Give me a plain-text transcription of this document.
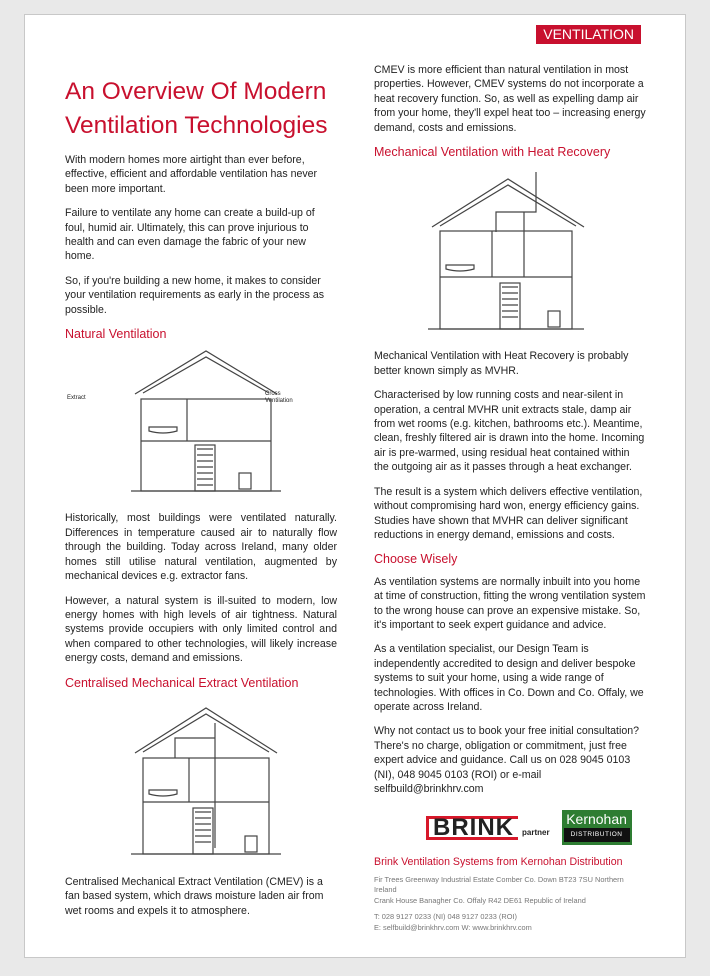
VENTILATION
An Overview Of Modern Ventilation Technologies

With modern homes more airtight than ever before, effective, efficient and affordable ventilation has never been more important.

Failure to ventilate any home can create a build-up of foul, humid air. Ultimately, this can prove injurious to health and can even damage the fabric of your new home.

So, if you're building a new home, it makes to consider your ventilation requirements as early in the process as possible.

Natural Ventilation
Extract
Cross Ventilation

Historically, most buildings were ventilated naturally. Differences in temperature caused air to naturally flow through the building. Today across Ireland, many older homes still utilise natural ventilation, augmented by mechanical devices e.g. extractor fans.

However, a natural system is ill-suited to modern, low energy homes with high levels of air tightness. Natural systems provide occupiers with only limited control and when compared to other technologies, will likely increase energy costs, demand and emissions.

Centralised Mechanical Extract Ventilation

Centralised Mechanical Extract Ventilation (CMEV) is a fan based system, which draws moisture laden air from wet rooms and expels it to atmosphere.

CMEV is more efficient than natural ventilation in most properties. However, CMEV systems do not incorporate a heat recovery function. So, as well as expelling damp air from your home, they'll expel heat too – increasing energy demand, costs and emissions.

Mechanical Ventilation with Heat Recovery

Mechanical Ventilation with Heat Recovery is probably better known simply as MVHR.

Characterised by low running costs and near-silent in operation, a central MVHR unit extracts stale, damp air from wet rooms (e.g. kitchen, bathrooms etc.). Meantime, clean, freshly filtered air is drawn into the home. Incoming air is pre-warmed, using residual heat contained within the outgoing air as it passes through a heat exchanger.

The result is a system which delivers effective ventilation, without compromising hard won, energy efficiency gains. Studies have shown that MVHR can deliver significant reductions in energy demand, emissions and costs.

Choose Wisely

As ventilation systems are normally inbuilt into you home at time of construction, fitting the wrong ventilation system to the wrong house can prove an expensive mistake. So, it's important to seek expert guidance and advice.

As a ventilation specialist, our Design Team is independently accredited to design and deliver bespoke systems to suit your home, using a wide range of technologies. With offices in Co. Down and Co. Offaly, we operate across Ireland.

Why not contact us to book your free initial consultation? There's no charge, obligation or commitment, just free expert advice and guidance. Call us on 028 9045 0103 (NI), 048 9045 0103 (ROI) or e-mail selfbuild@brinkhrv.com

BRINK	partner
Kernohan
DISTRIBUTION
Brink Ventilation Systems from Kernohan Distribution
Fir Trees Greenway Industrial Estate Comber Co. Down BT23 7SU Northern Ireland
Crank House Banagher Co. Offaly R42 DE61 Republic of Ireland
T: 028 9127 0233 (NI) 048 9127 0233 (ROI)
E: selfbuild@brinkhrv.com W: www.brinkhrv.com
